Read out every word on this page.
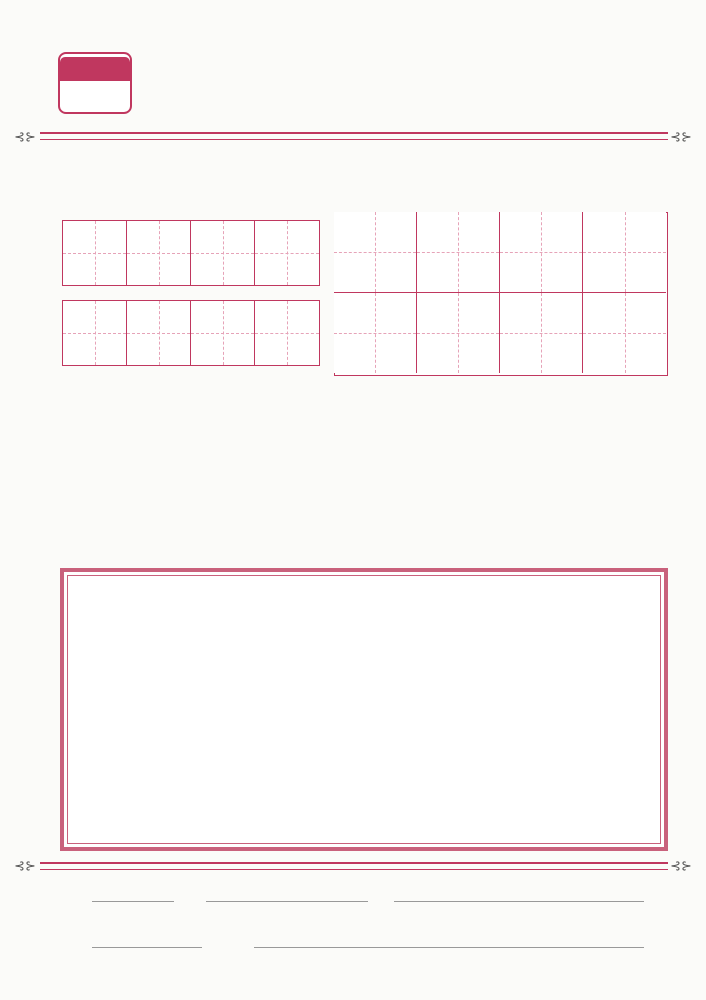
⊰⊱	⊰⊱
⊰⊱	⊰⊱
